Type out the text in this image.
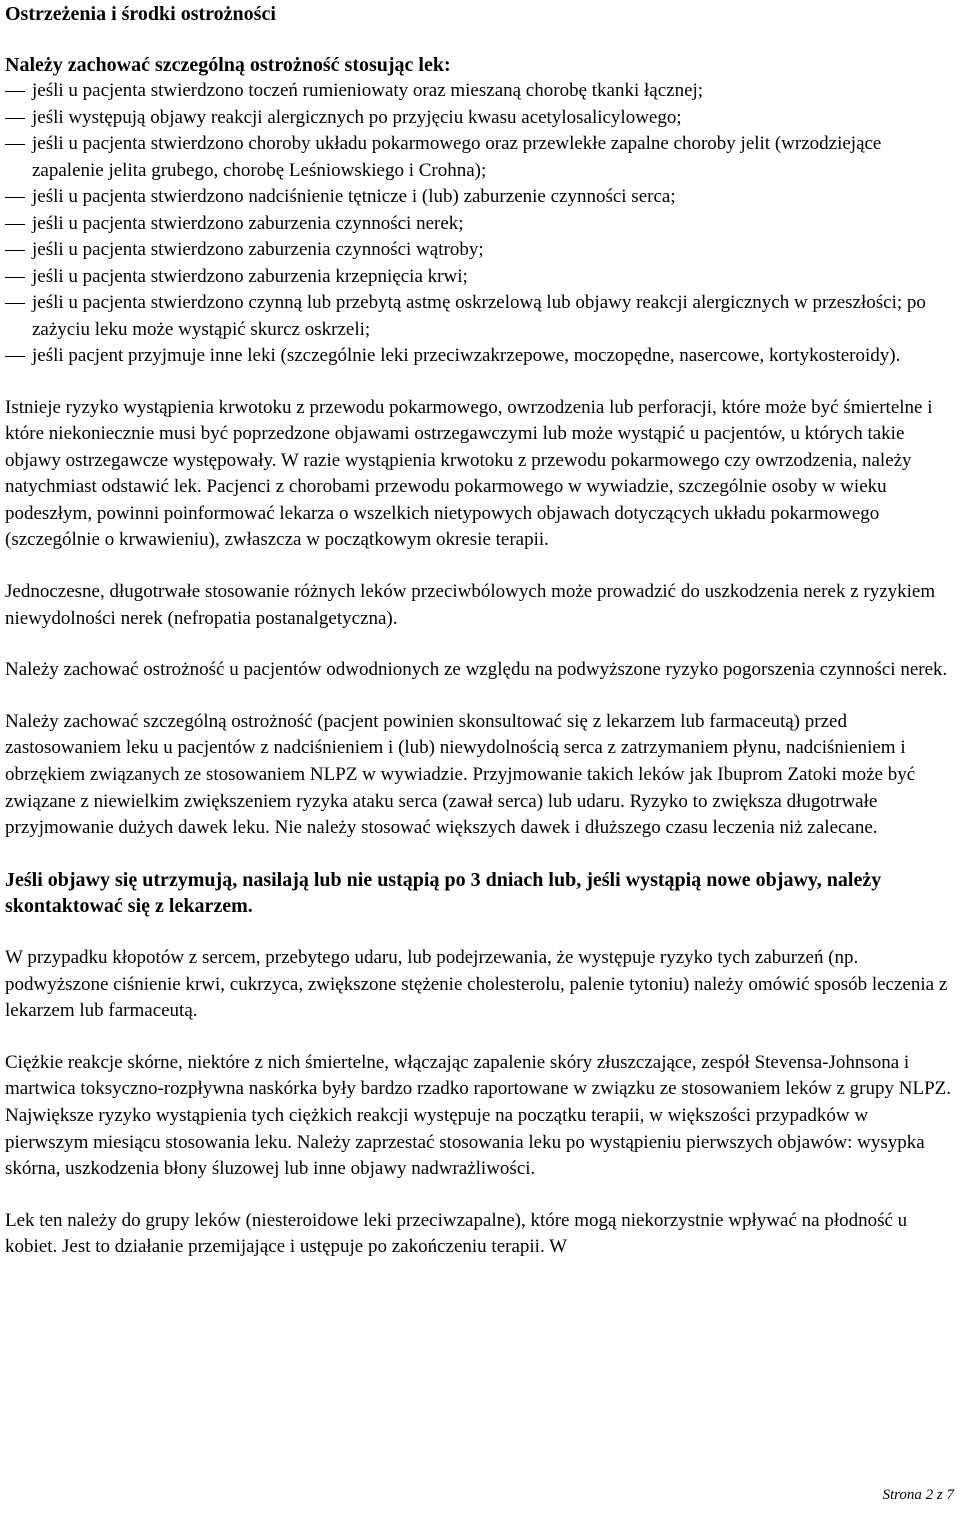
Ostrzeżenia i środki ostrożności
Należy zachować szczególną ostrożność stosując lek:
jeśli u pacjenta stwierdzono toczeń rumieniowaty oraz mieszaną chorobę tkanki łącznej;
jeśli występują objawy reakcji alergicznych po przyjęciu kwasu acetylosalicylowego;
jeśli u pacjenta stwierdzono choroby układu pokarmowego oraz przewlekłe zapalne choroby jelit (wrzodziejące zapalenie jelita grubego, chorobę Leśniowskiego i Crohna);
jeśli u pacjenta stwierdzono nadciśnienie tętnicze i (lub) zaburzenie czynności serca;
jeśli u pacjenta stwierdzono zaburzenia czynności nerek;
jeśli u pacjenta stwierdzono zaburzenia czynności wątroby;
jeśli u pacjenta stwierdzono zaburzenia krzepnięcia krwi;
jeśli u pacjenta stwierdzono czynną lub przebytą astmę oskrzelową lub objawy reakcji alergicznych w przeszłości; po zażyciu leku może wystąpić skurcz oskrzeli;
jeśli pacjent przyjmuje inne leki (szczególnie leki przeciwzakrzepowe, moczopędne, nasercowe, kortykosteroidy).

Istnieje ryzyko wystąpienia krwotoku z przewodu pokarmowego, owrzodzenia lub perforacji, które może być śmiertelne i które niekoniecznie musi być poprzedzone objawami ostrzegawczymi lub może wystąpić u pacjentów, u których takie objawy ostrzegawcze występowały. W razie wystąpienia krwotoku z przewodu pokarmowego czy owrzodzenia, należy natychmiast odstawić lek. Pacjenci z chorobami przewodu pokarmowego w wywiadzie, szczególnie osoby w wieku podeszłym, powinni poinformować lekarza o wszelkich nietypowych objawach dotyczących układu pokarmowego (szczególnie o krwawieniu), zwłaszcza w początkowym okresie terapii.

Jednoczesne, długotrwałe stosowanie różnych leków przeciwbólowych może prowadzić do uszkodzenia nerek z ryzykiem niewydolności nerek (nefropatia postanalgetyczna).

Należy zachować ostrożność u pacjentów odwodnionych ze względu na podwyższone ryzyko pogorszenia czynności nerek.

Należy zachować szczególną ostrożność (pacjent powinien skonsultować się z lekarzem lub farmaceutą) przed zastosowaniem leku u pacjentów z nadciśnieniem i (lub) niewydolnością serca z zatrzymaniem płynu, nadciśnieniem i obrzękiem związanych ze stosowaniem NLPZ w wywiadzie. Przyjmowanie takich leków jak Ibuprom Zatoki może być związane z niewielkim zwiększeniem ryzyka ataku serca (zawał serca) lub udaru. Ryzyko to zwiększa długotrwałe przyjmowanie dużych dawek leku. Nie należy stosować większych dawek i dłuższego czasu leczenia niż zalecane.

Jeśli objawy się utrzymują, nasilają lub nie ustąpią po 3 dniach lub, jeśli wystąpią nowe objawy, należy skontaktować się z lekarzem.

W przypadku kłopotów z sercem, przebytego udaru, lub podejrzewania, że występuje ryzyko tych zaburzeń (np. podwyższone ciśnienie krwi, cukrzyca, zwiększone stężenie cholesterolu, palenie tytoniu) należy omówić sposób leczenia z lekarzem lub farmaceutą.

Ciężkie reakcje skórne, niektóre z nich śmiertelne, włączając zapalenie skóry złuszczające, zespół Stevensa-Johnsona i martwica toksyczno-rozpływna naskórka były bardzo rzadko raportowane w związku ze stosowaniem leków z grupy NLPZ. Największe ryzyko wystąpienia tych ciężkich reakcji występuje na początku terapii, w większości przypadków w pierwszym miesiącu stosowania leku. Należy zaprzestać stosowania leku po wystąpieniu pierwszych objawów: wysypka skórna, uszkodzenia błony śluzowej lub inne objawy nadwrażliwości.

Lek ten należy do grupy leków (niesteroidowe leki przeciwzapalne), które mogą niekorzystnie wpływać na płodność u kobiet. Jest to działanie przemijające i ustępuje po zakończeniu terapii. W

Strona 2 z 7
